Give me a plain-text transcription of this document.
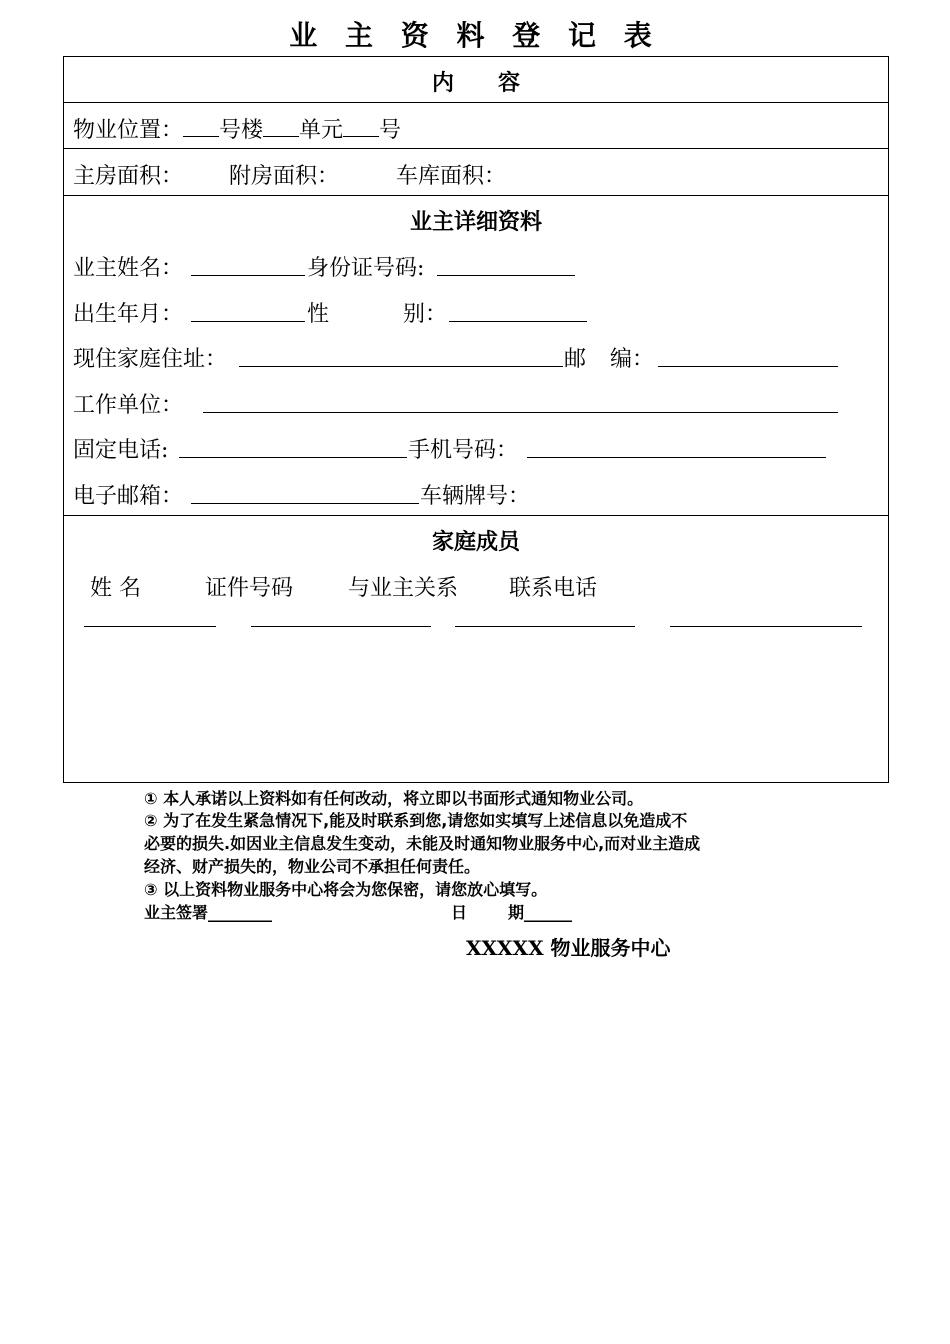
业 主 资 料 登 记 表
内　　容
物业位置： 号楼 单元 号
主房面积： 附房面积：	车库面积：
业主详细资料
业主姓名：	身份证号码:
出生年月：	性	别：
现住家庭住址：	邮 编：
工作单位：
固定电话:	手机号码：
电子邮箱：	车辆牌号：
家庭成员
姓 名	证件号码 与业主关系 联系电话
① 本人承诺以上资料如有任何改动，将立即以书面形式通知物业公司。
② 为了在发生紧急情况下,能及时联系到您,请您如实填写上述信息以免造成不
必要的损失.如因业主信息发生变动，未能及时通知物业服务中心,而对业主造成
经济、财产损失的，物业公司不承担任何责任。
③ 以上资料物业服务中心将会为您保密，请您放心填写。
业主签署________	日	期______
XXXXX 物业服务中心
